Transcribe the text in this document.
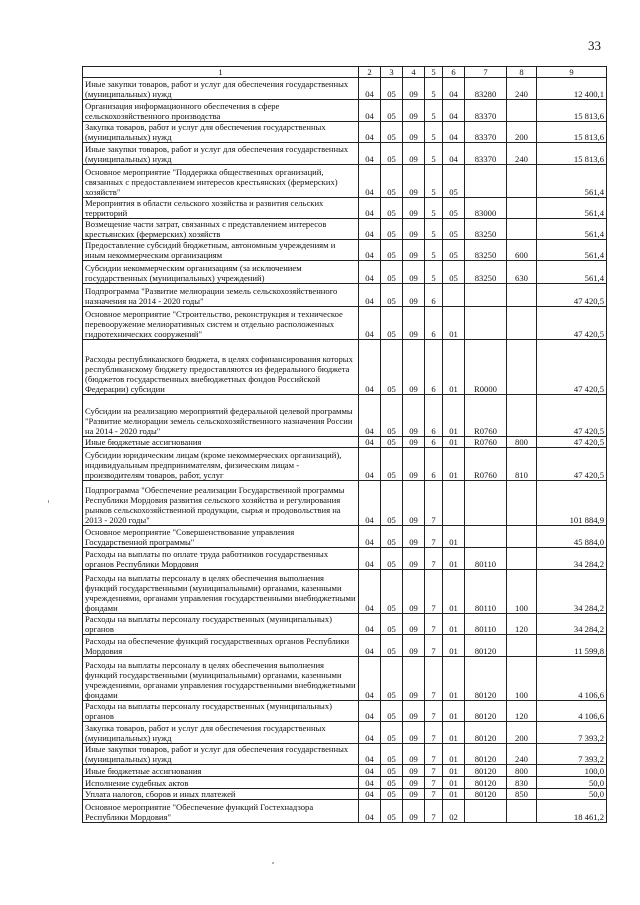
33
1	2	3	4	5	6	7	8	9
Иные закупки товаров, работ и услуг для обеспечения государственных (муниципальных) нужд	04	05	09	5	04	83280	240	12 400,1
Организация информационного обеспечения в сфере сельскохозяйственного производства	04	05	09	5	04	83370		15 813,6
Закупка товаров, работ и услуг для обеспечения государственных (муниципальных) нужд	04	05	09	5	04	83370	200	15 813,6
Иные закупки товаров, работ и услуг для обеспечения государственных (муниципальных) нужд	04	05	09	5	04	83370	240	15 813,6
Основное мероприятие "Поддержка общественных организаций, связанных с предоставлением интересов крестьянских (фермерских) хозяйств"	04	05	09	5	05			561,4
Мероприятия в области сельского хозяйства и развития сельских территорий	04	05	09	5	05	83000		561,4
Возмещение части затрат, связанных с представлением интересов крестьянских (фермерских) хозяйств	04	05	09	5	05	83250		561,4
Предоставление субсидий бюджетным, автономным учреждениям и иным некоммерческим организациям	04	05	09	5	05	83250	600	561,4
Субсидии некоммерческим организациям (за исключением государственных (муниципальных) учреждений)	04	05	09	5	05	83250	630	561,4
Подпрограмма "Развитие мелиорации земель сельскохозяйственного назначения на 2014 - 2020 годы"	04	05	09	6				47 420,5
Основное мероприятие "Строительство, реконструкция и техническое перевооружение мелиоративных систем и отдельно расположенных гидротехнических сооружений"	04	05	09	6	01			47 420,5
Расходы республиканского бюджета, в целях софинансирования которых республиканскому бюджету предоставляются из федерального бюджета (бюджетов государственных внебюджетных фондов Российской Федерации) субсидии	04	05	09	6	01	R0000		47 420,5
Субсидии на реализацию мероприятий федеральной целевой программы "Развитие мелиорации земель сельскохозяйственного назначения России на 2014 - 2020 годы"	04	05	09	6	01	R0760		47 420,5
Иные бюджетные ассигнования	04	05	09	6	01	R0760	800	47 420,5
Субсидии юридическим лицам (кроме некоммерческих организаций), индивидуальным предпринимателям, физическим лицам - производителям товаров, работ, услуг	04	05	09	6	01	R0760	810	47 420,5
Подпрограмма "Обеспечение реализации Государственной программы Республики Мордовия развития сельского хозяйства и регулирования рынков сельскохозяйственной продукции, сырья и продовольствия на 2013 - 2020 годы"	04	05	09	7				101 884,9
Основное мероприятие "Совершенствование управления Государственной программы"	04	05	09	7	01			45 884,0
Расходы на выплаты по оплате труда работников государственных органов Республики Мордовия	04	05	09	7	01	80110		34 284,2
Расходы на выплаты персоналу в целях обеспечения выполнения функций государственными (муниципальными) органами, казенными учреждениями, органами управления государственными внебюджетными фондами	04	05	09	7	01	80110	100	34 284,2
Расходы на выплаты персоналу государственных (муниципальных) органов	04	05	09	7	01	80110	120	34 284,2
Расходы на обеспечение функций государственных органов Республики Мордовия	04	05	09	7	01	80120		11 599,8
Расходы на выплаты персоналу в целях обеспечения выполнения функций государственными (муниципальными) органами, казенными учреждениями, органами управления государственными внебюджетными фондами	04	05	09	7	01	80120	100	4 106,6
Расходы на выплаты персоналу государственных (муниципальных) органов	04	05	09	7	01	80120	120	4 106,6
Закупка товаров, работ и услуг для обеспечения государственных (муниципальных) нужд	04	05	09	7	01	80120	200	7 393,2
Иные закупки товаров, работ и услуг для обеспечения государственных (муниципальных) нужд	04	05	09	7	01	80120	240	7 393,2
Иные бюджетные ассигнования	04	05	09	7	01	80120	800	100,0
Исполнение судебных актов	04	05	09	7	01	80120	830	50,0
Уплата налогов, сборов и иных платежей	04	05	09	7	01	80120	850	50,0
Основное мероприятие "Обеспечение функций Гостехнадзора Республики Мордовия"	04	05	09	7	02			18 461,2
